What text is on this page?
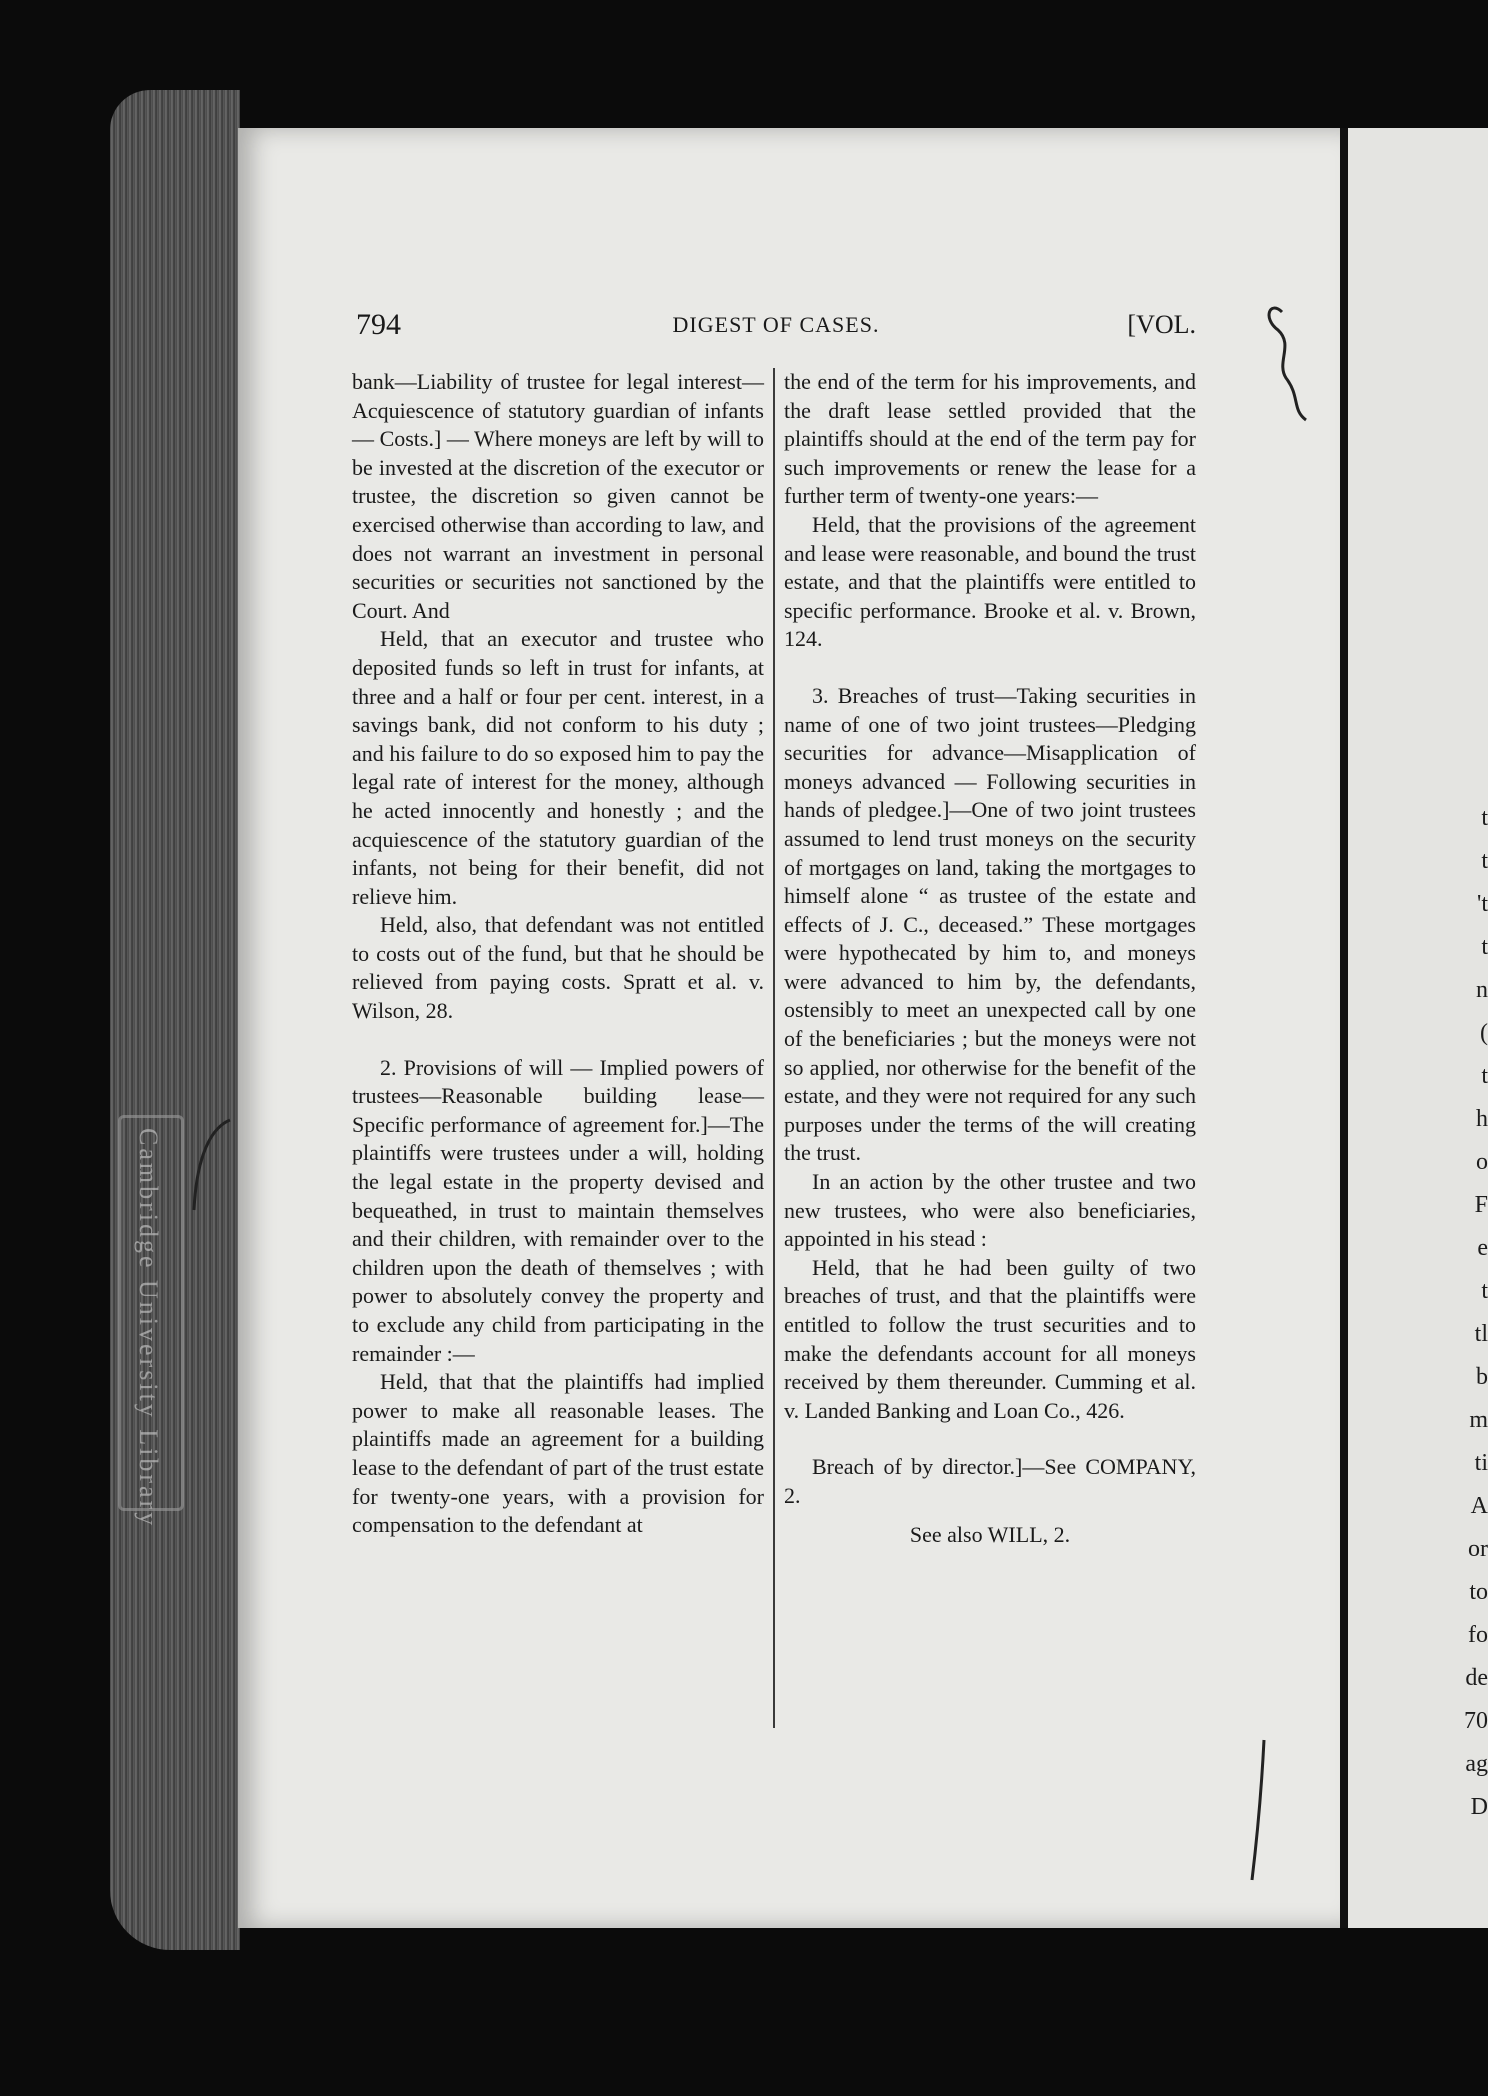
Cambridge University Library
t
t
't
t
n
(
t
h
o
F
e
t
tl
b
m
ti
A
or
to
fo
de
70
ag
D
794	DIGEST OF CASES.	[VOL.

bank—Liability of trustee for legal interest—Acquiescence of statutory guardian of infants — Costs.] — Where moneys are left by will to be invested at the discretion of the executor or trustee, the discretion so given cannot be exercised otherwise than according to law, and does not warrant an investment in personal securities or securities not sanctioned by the Court. And

Held, that an executor and trustee who deposited funds so left in trust for infants, at three and a half or four per cent. interest, in a savings bank, did not conform to his duty ; and his failure to do so exposed him to pay the legal rate of interest for the money, although he acted innocently and honestly ; and the acquiescence of the statutory guardian of the infants, not being for their benefit, did not relieve him.

Held, also, that defendant was not entitled to costs out of the fund, but that he should be relieved from paying costs. Spratt et al. v. Wilson, 28.

2. Provisions of will — Implied powers of trustees—Reasonable building lease—Specific performance of agreement for.]—The plaintiffs were trustees under a will, holding the legal estate in the property devised and bequeathed, in trust to maintain themselves and their children, with remainder over to the children upon the death of themselves ; with power to absolutely convey the property and to exclude any child from participating in the remainder :—

Held, that that the plaintiffs had implied power to make all reasonable leases. The plaintiffs made an agreement for a building lease to the defendant of part of the trust estate for twenty-one years, with a provision for compensation to the defendant at

the end of the term for his improvements, and the draft lease settled provided that the plaintiffs should at the end of the term pay for such improvements or renew the lease for a further term of twenty-one years:—

Held, that the provisions of the agreement and lease were reasonable, and bound the trust estate, and that the plaintiffs were entitled to specific performance. Brooke et al. v. Brown, 124.

3. Breaches of trust—Taking securities in name of one of two joint trustees—Pledging securities for advance—Misapplication of moneys advanced — Following securities in hands of pledgee.]—One of two joint trustees assumed to lend trust moneys on the security of mortgages on land, taking the mortgages to himself alone “ as trustee of the estate and effects of J. C., deceased.” These mortgages were hypothecated by him to, and moneys were advanced to him by, the defendants, ostensibly to meet an unexpected call by one of the beneficiaries ; but the moneys were not so applied, nor otherwise for the benefit of the estate, and they were not required for any such purposes under the terms of the will creating the trust.

In an action by the other trustee and two new trustees, who were also beneficiaries, appointed in his stead :

Held, that he had been guilty of two breaches of trust, and that the plaintiffs were entitled to follow the trust securities and to make the defendants account for all moneys received by them thereunder. Cumming et al. v. Landed Banking and Loan Co., 426.

Breach of by director.]—See COMPANY, 2.

See also WILL, 2.
